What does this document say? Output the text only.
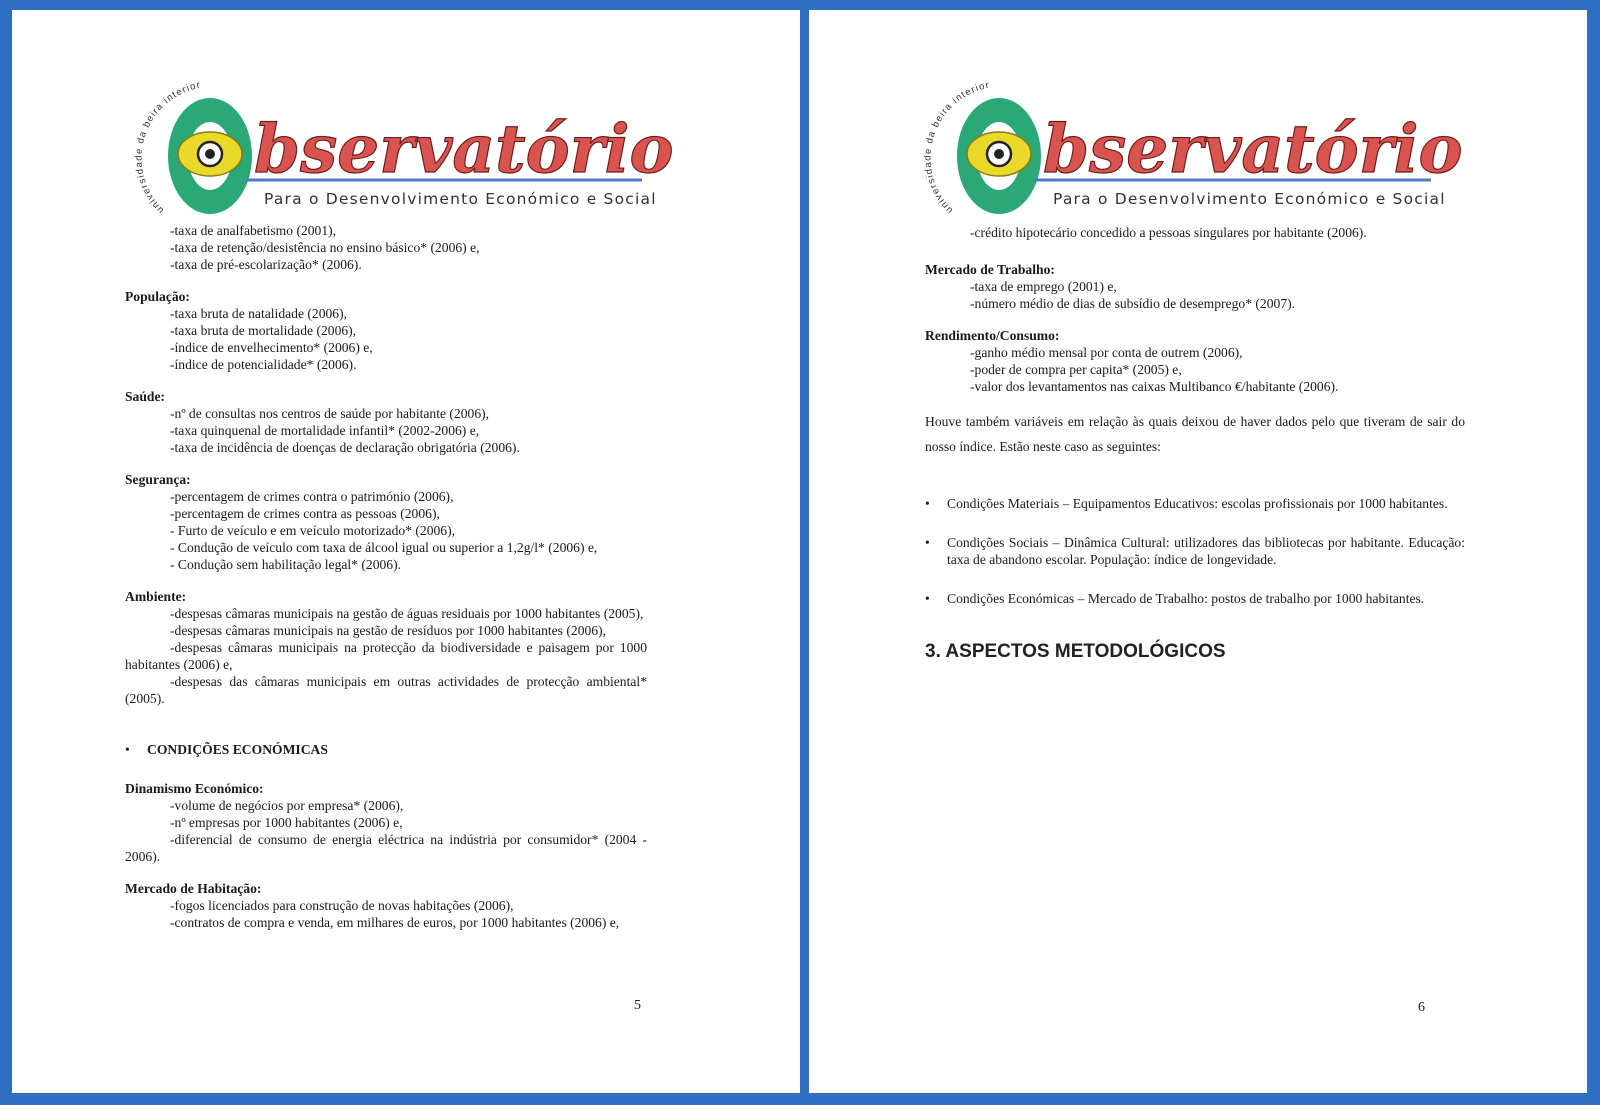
universidade da beira interior
bservatório
Para o Desenvolvimento Económico e Social

-taxa de analfabetismo (2001),

-taxa de retenção/desistência no ensino básico* (2006) e,

-taxa de pré-escolarização* (2006).

População:

-taxa bruta de natalidade (2006),

-taxa bruta de mortalidade (2006),

-índice de envelhecimento* (2006) e,

-índice de potencialidade* (2006).

Saúde:

-nº de consultas nos centros de saúde por habitante (2006),

-taxa quinquenal de mortalidade infantil* (2002-2006) e,

-taxa de incidência de doenças de declaração obrigatória (2006).

Segurança:

-percentagem de crimes contra o património (2006),

-percentagem de crimes contra as pessoas (2006),

- Furto de veículo e em veículo motorizado* (2006),

- Condução de veículo com taxa de álcool igual ou superior a 1,2g/l* (2006) e,

- Condução sem habilitação legal* (2006).

Ambiente:

-despesas câmaras municipais na gestão de águas residuais por 1000 habitantes (2005),

-despesas câmaras municipais na gestão de resíduos por 1000 habitantes (2006),

-despesas câmaras municipais na protecção da biodiversidade e paisagem por 1000 habitantes (2006) e,

-despesas das câmaras municipais em outras actividades de protecção ambiental* (2005).

•	CONDIÇÕES ECONÓMICAS
Dinamismo Económico:

-volume de negócios por empresa* (2006),

-nº empresas por 1000 habitantes (2006) e,

-diferencial de consumo de energia eléctrica na indústria por consumidor* (2004 - 2006).

Mercado de Habitação:

-fogos licenciados para construção de novas habitações (2006),

-contratos de compra e venda, em milhares de euros, por 1000 habitantes (2006) e,

5
universidade da beira interior
bservatório
Para o Desenvolvimento Económico e Social

-crédito hipotecário concedido a pessoas singulares por habitante (2006).

Mercado de Trabalho:

-taxa de emprego (2001) e,

-número médio de dias de subsídio de desemprego* (2007).

Rendimento/Consumo:

-ganho médio mensal por conta de outrem (2006),

-poder de compra per capita* (2005) e,

-valor dos levantamentos nas caixas Multibanco €/habitante (2006).

Houve também variáveis em relação às quais deixou de haver dados pelo que tiveram de sair do nosso índice. Estão neste caso as seguintes:

•	Condições Materiais – Equipamentos Educativos: escolas profissionais por 1000 habitantes.
•	Condições Sociais – Dinâmica Cultural: utilizadores das bibliotecas por habitante. Educação: taxa de abandono escolar. População: índice de longevidade.
•	Condições Económicas – Mercado de Trabalho: postos de trabalho por 1000 habitantes.
3. ASPECTOS METODOLÓGICOS
6
